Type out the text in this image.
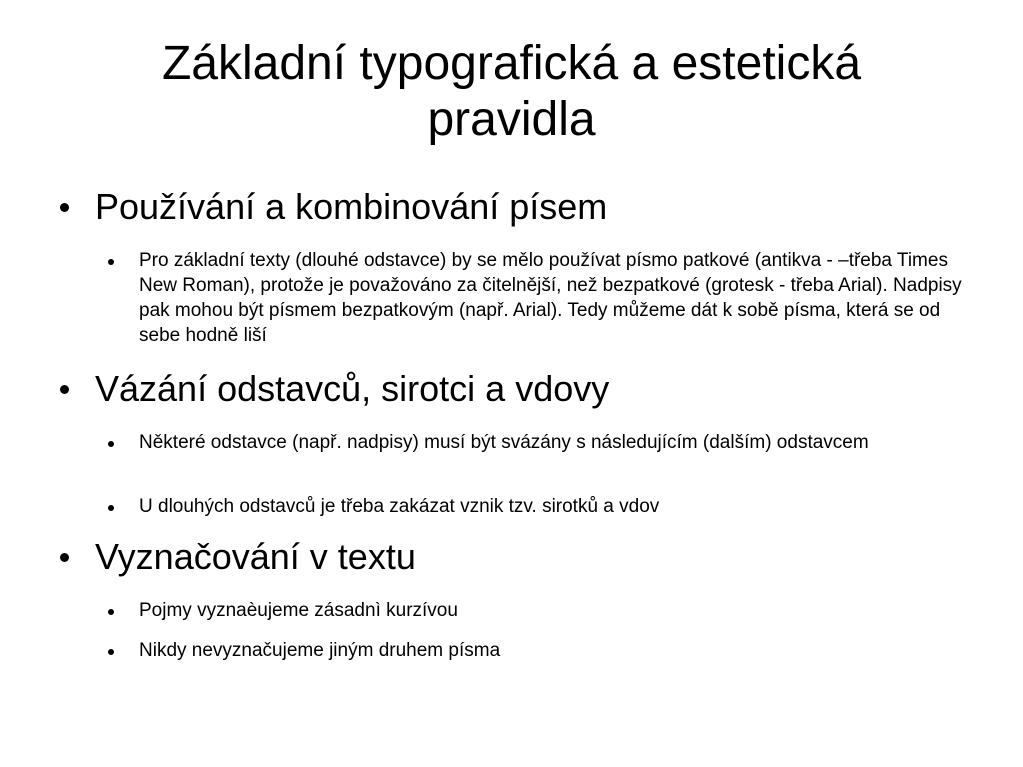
Základní typografická a estetická
pravidla
Používání a kombinování písem
Pro základní texty (dlouhé odstavce) by se mělo používat písmo patkové (antikva - –třeba Times New Roman), protože je považováno za čitelnější, než bezpatkové (grotesk - třeba Arial). Nadpisy pak mohou být písmem bezpatkovým (např. Arial). Tedy můžeme dát k sobě písma, která se od sebe hodně liší
Vázání odstavců, sirotci a vdovy
Některé odstavce (např. nadpisy) musí být svázány s následujícím (dalším) odstavcem
U dlouhých odstavců je třeba zakázat vznik tzv. sirotků a vdov
Vyznačování v textu
Pojmy vyznaèujeme zásadnì kurzívou
Nikdy nevyznačujeme jiným druhem písma
